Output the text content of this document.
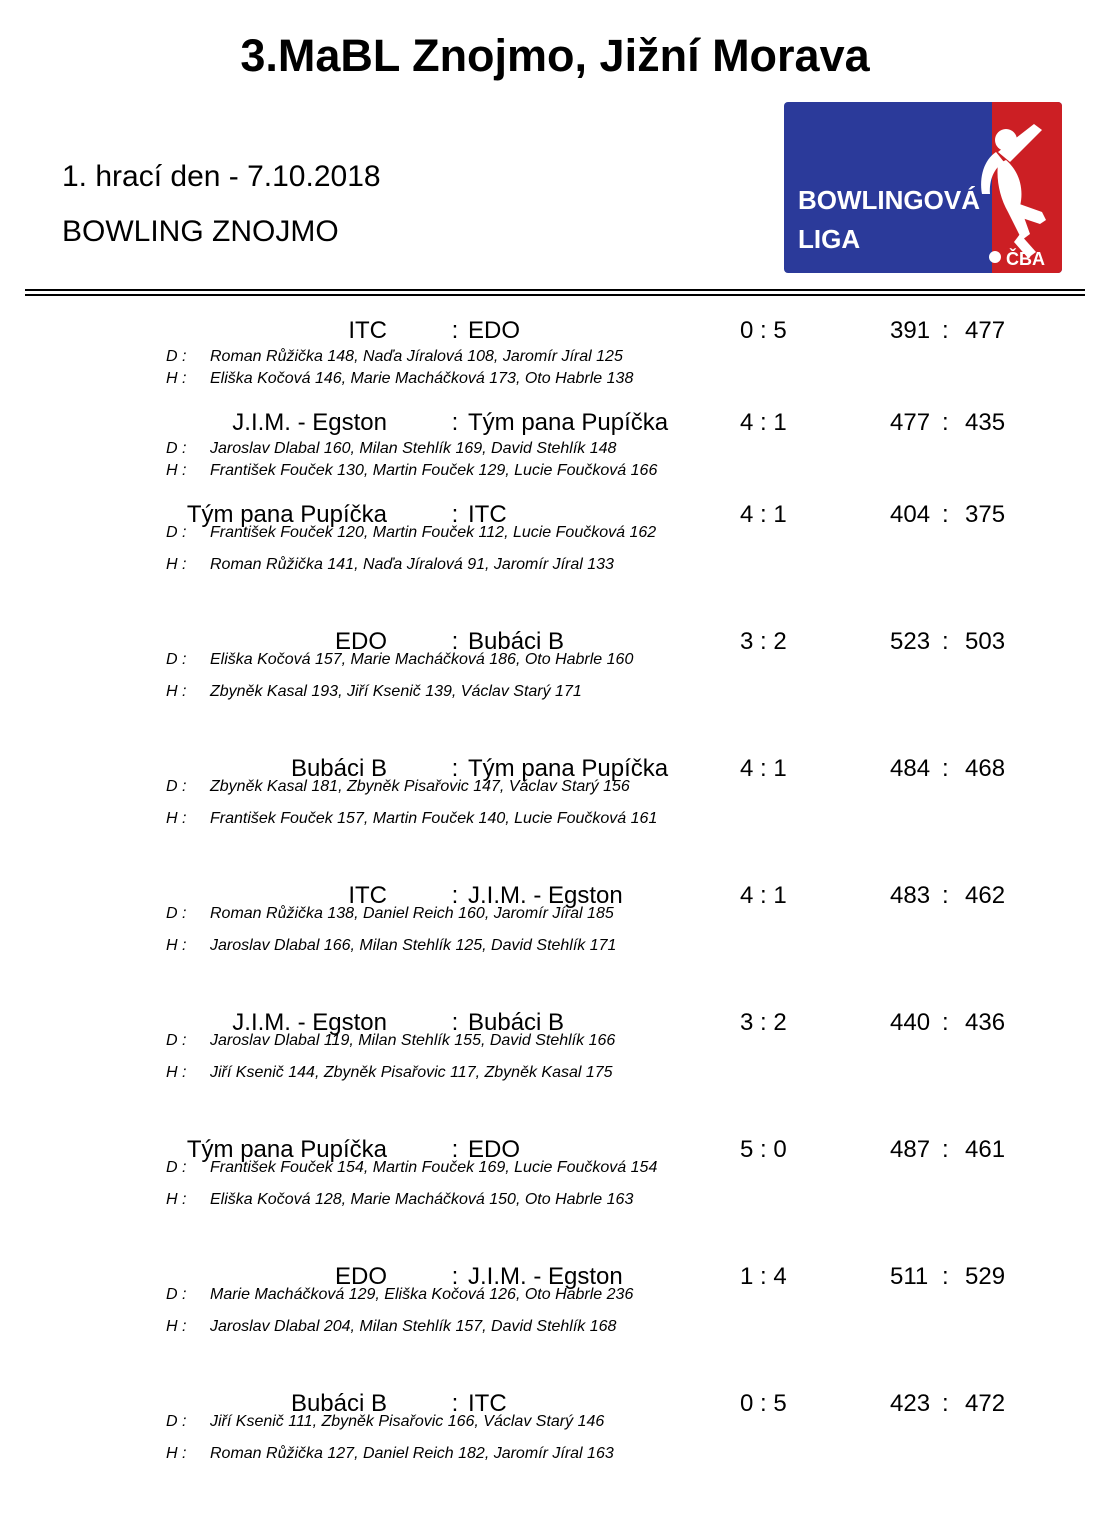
3.MaBL Znojmo, Jižní Morava
1. hrací den - 7.10.2018
BOWLING ZNOJMO
BOWLINGOVÁ
LIGA
ČBA
ITC	: EDO	0 : 5	391 : 477
D : Roman Růžička 148, Naďa Jíralová 108, Jaromír Jíral 125
H : Eliška Kočová 146, Marie Macháčková 173, Oto Habrle 138
J.I.M. - Egston	: Tým pana Pupíčka	4 : 1	477 : 435
D : Jaroslav Dlabal 160, Milan Stehlík 169, David Stehlík 148
H : František Fouček 130, Martin Fouček 129, Lucie Foučková 166
Tým pana Pupíčka	: ITC	4 : 1	404 : 375
D : František Fouček 120, Martin Fouček 112, Lucie Foučková 162
H : Roman Růžička 141, Naďa Jíralová 91, Jaromír Jíral 133
EDO	: Bubáci B	3 : 2	523 : 503
D : Eliška Kočová 157, Marie Macháčková 186, Oto Habrle 160
H : Zbyněk Kasal 193, Jiří Ksenič 139, Václav Starý 171
Bubáci B	: Tým pana Pupíčka	4 : 1	484 : 468
D : Zbyněk Kasal 181, Zbyněk Pisařovic 147, Václav Starý 156
H : František Fouček 157, Martin Fouček 140, Lucie Foučková 161
ITC	: J.I.M. - Egston	4 : 1	483 : 462
D : Roman Růžička 138, Daniel Reich 160, Jaromír Jíral 185
H : Jaroslav Dlabal 166, Milan Stehlík 125, David Stehlík 171
J.I.M. - Egston	: Bubáci B	3 : 2	440 : 436
D : Jaroslav Dlabal 119, Milan Stehlík 155, David Stehlík 166
H : Jiří Ksenič 144, Zbyněk Pisařovic 117, Zbyněk Kasal 175
Tým pana Pupíčka	: EDO	5 : 0	487 : 461
D : František Fouček 154, Martin Fouček 169, Lucie Foučková 154
H : Eliška Kočová 128, Marie Macháčková 150, Oto Habrle 163
EDO	: J.I.M. - Egston	1 : 4	511 : 529
D : Marie Macháčková 129, Eliška Kočová 126, Oto Habrle 236
H : Jaroslav Dlabal 204, Milan Stehlík 157, David Stehlík 168
Bubáci B	: ITC	0 : 5	423 : 472
D : Jiří Ksenič 111, Zbyněk Pisařovic 166, Václav Starý 146
H : Roman Růžička 127, Daniel Reich 182, Jaromír Jíral 163
